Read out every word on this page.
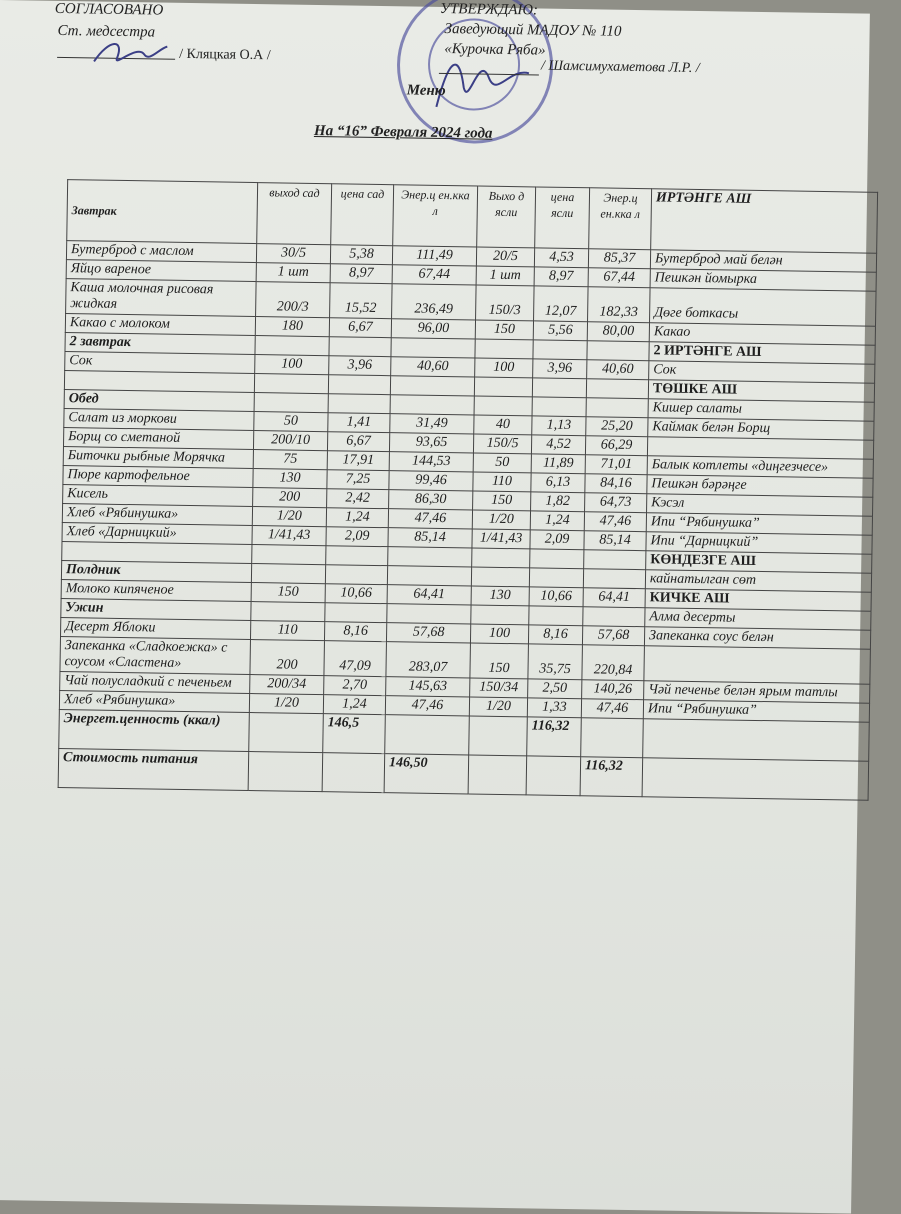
СОГЛАСОВАНО
Ст. медсестра
/ Кляцкая О.А /
УТВЕРЖДАЮ:
Заведующий МАДОУ № 110
«Курочка Ряба»
/ Шамсимухаметова Л.Р. /
Меню
На “16” Февраля 2024 года
Завтрак	выход сад	цена сад	Энер.ц ен.кка л	Выхо д ясли	цена ясли	Энер.ц ен.кка л	ИРТӘНГЕ АШ
Бутерброд с маслом	30/5	5,38	111,49	20/5	4,53	85,37	Бутерброд май белән
Яйцо вареное	1 шт	8,97	67,44	1 шт	8,97	67,44	Пешкән йомырка
Каша молочная рисовая жидкая	200/3	15,52	236,49	150/3	12,07	182,33	Дөге боткасы
Какао с молоком	180	6,67	96,00	150	5,56	80,00	Какао
2 завтрак							2 ИРТӘНГЕ АШ
Сок	100	3,96	40,60	100	3,96	40,60	Сок
							ТӨШКЕ АШ
Обед							Кишер салаты
Салат из моркови	50	1,41	31,49	40	1,13	25,20	Каймак белән Борщ
Борщ со сметаной	200/10	6,67	93,65	150/5	4,52	66,29	
Биточки рыбные Морячка	75	17,91	144,53	50	11,89	71,01	Балык котлеты «диңгезчесе»
Пюре картофельное	130	7,25	99,46	110	6,13	84,16	Пешкән бәрәңге
Кисель	200	2,42	86,30	150	1,82	64,73	Кэсэл
Хлеб «Рябинушка»	1/20	1,24	47,46	1/20	1,24	47,46	Ипи “Рябинушка”
Хлеб «Дарницкий»	1/41,43	2,09	85,14	1/41,43	2,09	85,14	Ипи “Дарницкий”
							КӨНДЕЗГЕ АШ
Полдник							кайнатылган сөт
Молоко кипяченое	150	10,66	64,41	130	10,66	64,41	КИЧКЕ АШ
Ужин							Алма десерты
Десерт Яблоки	110	8,16	57,68	100	8,16	57,68	Запеканка соус белән
Запеканка «Сладкоежка» с соусом «Сластена»	200	47,09	283,07	150	35,75	220,84	
Чай полусладкий с печеньем	200/34	2,70	145,63	150/34	2,50	140,26	Чәй печенье белән ярым татлы
Хлеб «Рябинушка»	1/20	1,24	47,46	1/20	1,33	47,46	Ипи “Рябинушка”
Энергет.ценность (ккал)		146,5			116,32		
Стоимость питания			146,50			116,32	
